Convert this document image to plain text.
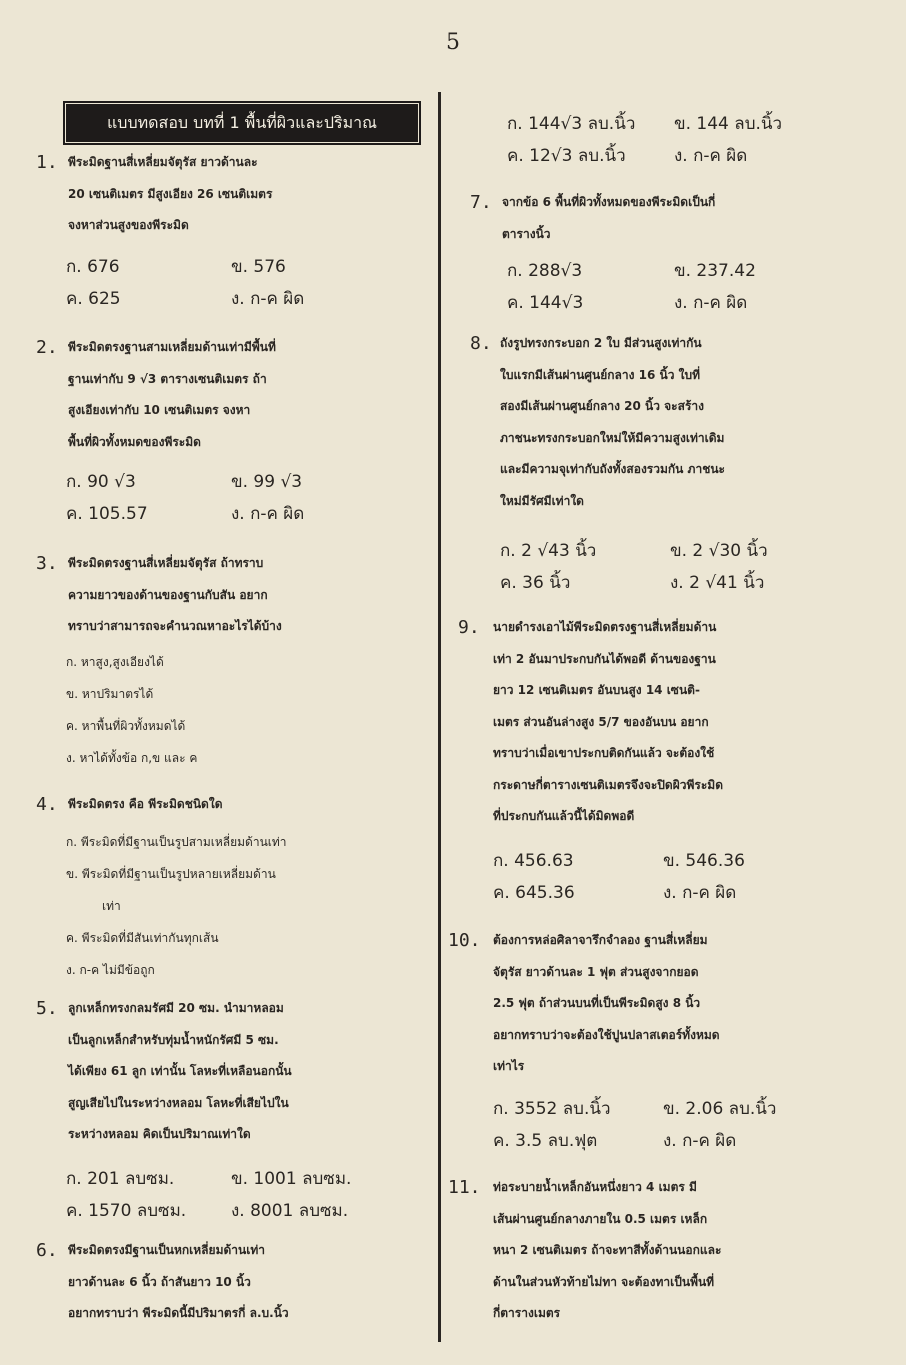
5
แบบทดสอบ บทที่ 1 พื้นที่ผิวและปริมาณ
1. พีระมิดฐานสี่เหลี่ยมจัตุรัส ยาวด้านละ
20 เซนติเมตร มีสูงเอียง 26 เซนติเมตร
จงหาส่วนสูงของพีระมิด
ก. 676	ข. 576
ค. 625	ง. ก-ค ผิด
2. พีระมิดตรงฐานสามเหลี่ยมด้านเท่ามีพื้นที่
ฐานเท่ากับ 9 √3 ตารางเซนติเมตร ถ้า
สูงเอียงเท่ากับ 10 เซนติเมตร จงหา
พื้นที่ผิวทั้งหมดของพีระมิด
ก. 90 √3	ข. 99 √3
ค. 105.57	ง. ก-ค ผิด
3. พีระมิดตรงฐานสี่เหลี่ยมจัตุรัส ถ้าทราบ
ความยาวของด้านของฐานกับสัน อยาก
ทราบว่าสามารถจะคำนวณหาอะไรได้บ้าง
ก. หาสูง,สูงเอียงได้
ข. หาปริมาตรได้
ค. หาพื้นที่ผิวทั้งหมดได้
ง. หาได้ทั้งข้อ ก,ข และ ค
4. พีระมิดตรง คือ พีระมิดชนิดใด
ก. พีระมิดที่มีฐานเป็นรูปสามเหลี่ยมด้านเท่า
ข. พีระมิดที่มีฐานเป็นรูปหลายเหลี่ยมด้าน
เท่า
ค. พีระมิดที่มีสันเท่ากันทุกเส้น
ง. ก-ค ไม่มีข้อถูก
5. ลูกเหล็กทรงกลมรัศมี 20 ซม. นำมาหลอม
เป็นลูกเหล็กสำหรับทุ่มน้ำหนักรัศมี 5 ซม.
ได้เพียง 61 ลูก เท่านั้น โลหะที่เหลือนอกนั้น
สูญเสียไปในระหว่างหลอม โลหะที่เสียไปใน
ระหว่างหลอม คิดเป็นปริมาณเท่าใด
ก. 201 ลบซม.	ข. 1001 ลบซม.
ค. 1570 ลบซม.	ง. 8001 ลบซม.
6. พีระมิดตรงมีฐานเป็นหกเหลี่ยมด้านเท่า
ยาวด้านละ 6 นิ้ว ถ้าสันยาว 10 นิ้ว
อยากทราบว่า พีระมิดนี้มีปริมาตรกี่ ล.บ.นิ้ว
ก. 144√3 ลบ.นิ้ว ข. 144 ลบ.นิ้ว
ค. 12√3 ลบ.นิ้ว	ง. ก-ค ผิด
7. จากข้อ 6 พื้นที่ผิวทั้งหมดของพีระมิดเป็นกี่
ตารางนิ้ว
ก. 288√3	ข. 237.42
ค. 144√3	ง. ก-ค ผิด
8. ถังรูปทรงกระบอก 2 ใบ มีส่วนสูงเท่ากัน
ใบแรกมีเส้นผ่านศูนย์กลาง 16 นิ้ว ใบที่
สองมีเส้นผ่านศูนย์กลาง 20 นิ้ว จะสร้าง
ภาชนะทรงกระบอกใหม่ให้มีความสูงเท่าเดิม
และมีความจุเท่ากับถังทั้งสองรวมกัน ภาชนะ
ใหม่มีรัศมีเท่าใด
ก. 2 √43 นิ้ว	ข. 2 √30 นิ้ว
ค. 36 นิ้ว	ง. 2 √41 นิ้ว
9. นายดำรงเอาไม้พีระมิดตรงฐานสี่เหลี่ยมด้าน
เท่า 2 อันมาประกบกันได้พอดี ด้านของฐาน
ยาว 12 เซนติเมตร อันบนสูง 14 เซนติ-
เมตร ส่วนอันล่างสูง 5/7 ของอันบน อยาก
ทราบว่าเมื่อเขาประกบติดกันแล้ว จะต้องใช้
กระดาษกี่ตารางเซนติเมตรจึงจะปิดผิวพีระมิด
ที่ประกบกันแล้วนี้ได้มิดพอดี
ก. 456.63	ข. 546.36
ค. 645.36	ง. ก-ค ผิด
10. ต้องการหล่อศิลาจารึกจำลอง ฐานสี่เหลี่ยม
จัตุรัส ยาวด้านละ 1 ฟุต ส่วนสูงจากยอด
2.5 ฟุต ถ้าส่วนบนที่เป็นพีระมิดสูง 8 นิ้ว
อยากทราบว่าจะต้องใช้ปูนปลาสเตอร์ทั้งหมด
เท่าไร
ก. 3552 ลบ.นิ้ว	ข. 2.06 ลบ.นิ้ว
ค. 3.5 ลบ.ฟุต	ง. ก-ค ผิด
11. ท่อระบายน้ำเหล็กอันหนึ่งยาว 4 เมตร มี
เส้นผ่านศูนย์กลางภายใน 0.5 เมตร เหล็ก
หนา 2 เซนติเมตร ถ้าจะทาสีทั้งด้านนอกและ
ด้านในส่วนหัวท้ายไม่ทา จะต้องทาเป็นพื้นที่
กี่ตารางเมตร
